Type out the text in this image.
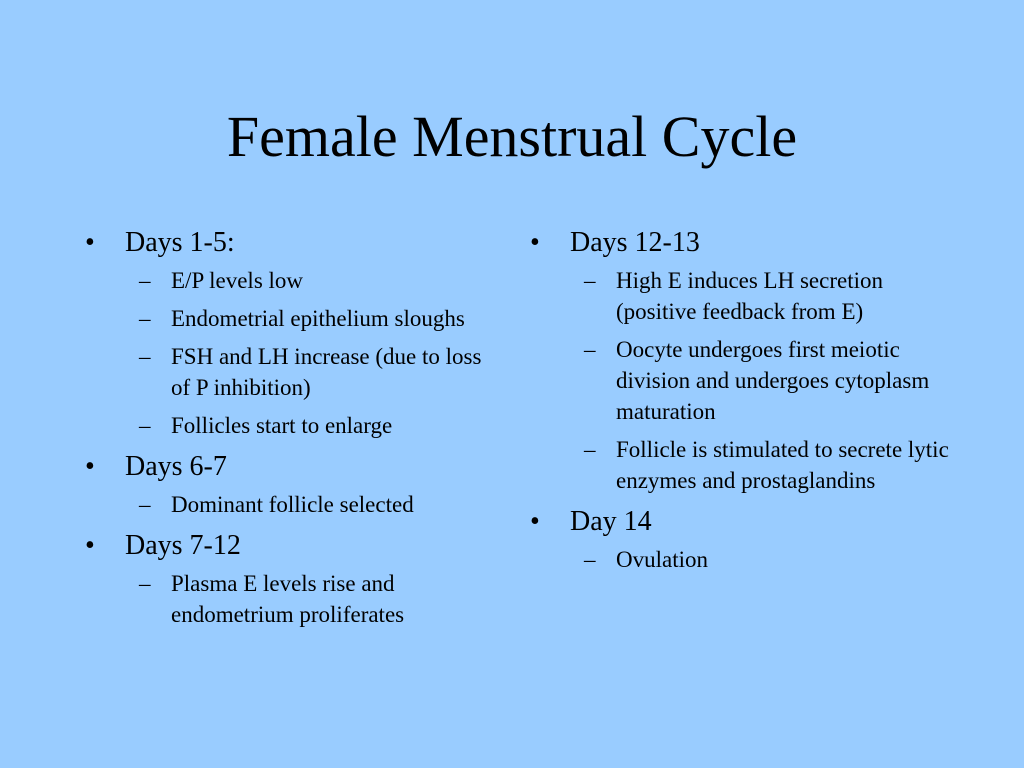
Female Menstrual Cycle
• Days 1-5:
– E/P levels low
– Endometrial epithelium sloughs
– FSH and LH increase (due to loss of P inhibition)
– Follicles start to enlarge
• Days 6-7
– Dominant follicle selected
• Days 7-12
– Plasma E levels rise and endometrium proliferates
• Days 12-13
– High E induces LH secretion (positive feedback from E)
– Oocyte undergoes first meiotic division and undergoes cytoplasm maturation
– Follicle is stimulated to secrete lytic enzymes and prostaglandins
• Day 14
– Ovulation
